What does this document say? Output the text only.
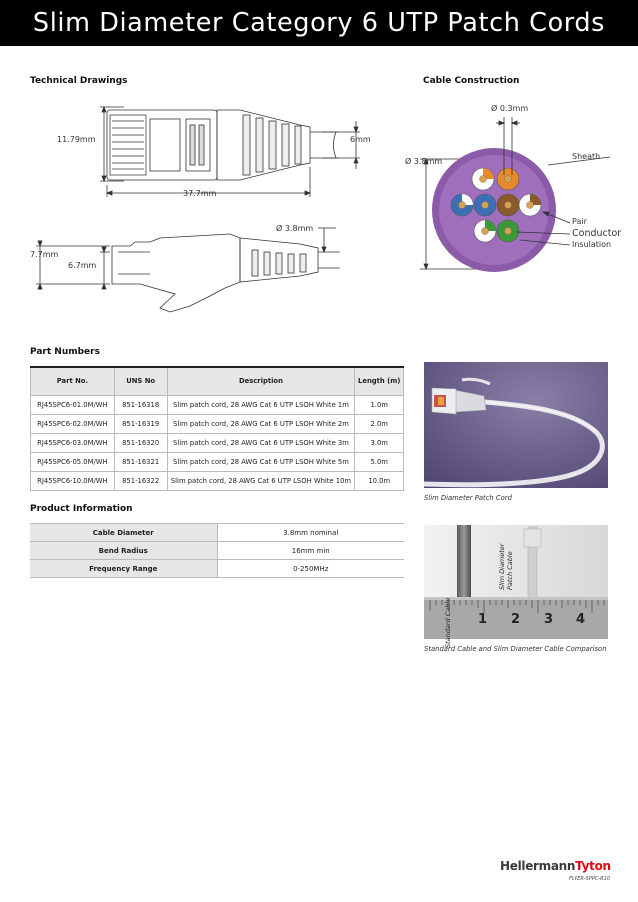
Slim Diameter Category 6 UTP Patch Cords
Technical Drawings
11.79mm	6mm
37.7mm
Ø 3.8mm
7.7mm
6.7mm
Cable Construction
Ø 0.3mm
Ø 3.8mm
Sheath
Pair
Conductor
Insulation
Part Numbers
Part No.	UNS No	Description	Length (m)
RJ45SPC6-01.0M/WH	851-16318	Slim patch cord, 28 AWG Cat 6 UTP LSOH White 1m	1.0m
RJ45SPC6-02.0M/WH	851-16319	Slim patch cord, 28 AWG Cat 6 UTP LSOH White 2m	2.0m
RJ45SPC6-03.0M/WH	851-16320	Slim patch cord, 28 AWG Cat 6 UTP LSOH White 3m	3.0m
RJ45SPC6-05.0M/WH	851-16321	Slim patch cord, 28 AWG Cat 6 UTP LSOH White 5m	5.0m
RJ45SPC6-10.0M/WH	851-16322	Slim patch cord, 28 AWG Cat 6 UTP LSOH White 10m	10.0m
Product Information
Cable Diameter	3.8mm nominal
Bend Radius	16mm min
Frequency Range	0-250MHz
Slim Diameter Patch Cord
Standard Cable
Slim Diameter Patch Cable
1 2 3 4
Standard Cable and Slim Diameter Cable Comparison
HellermannTyton
FLYER-SPPC-R10
